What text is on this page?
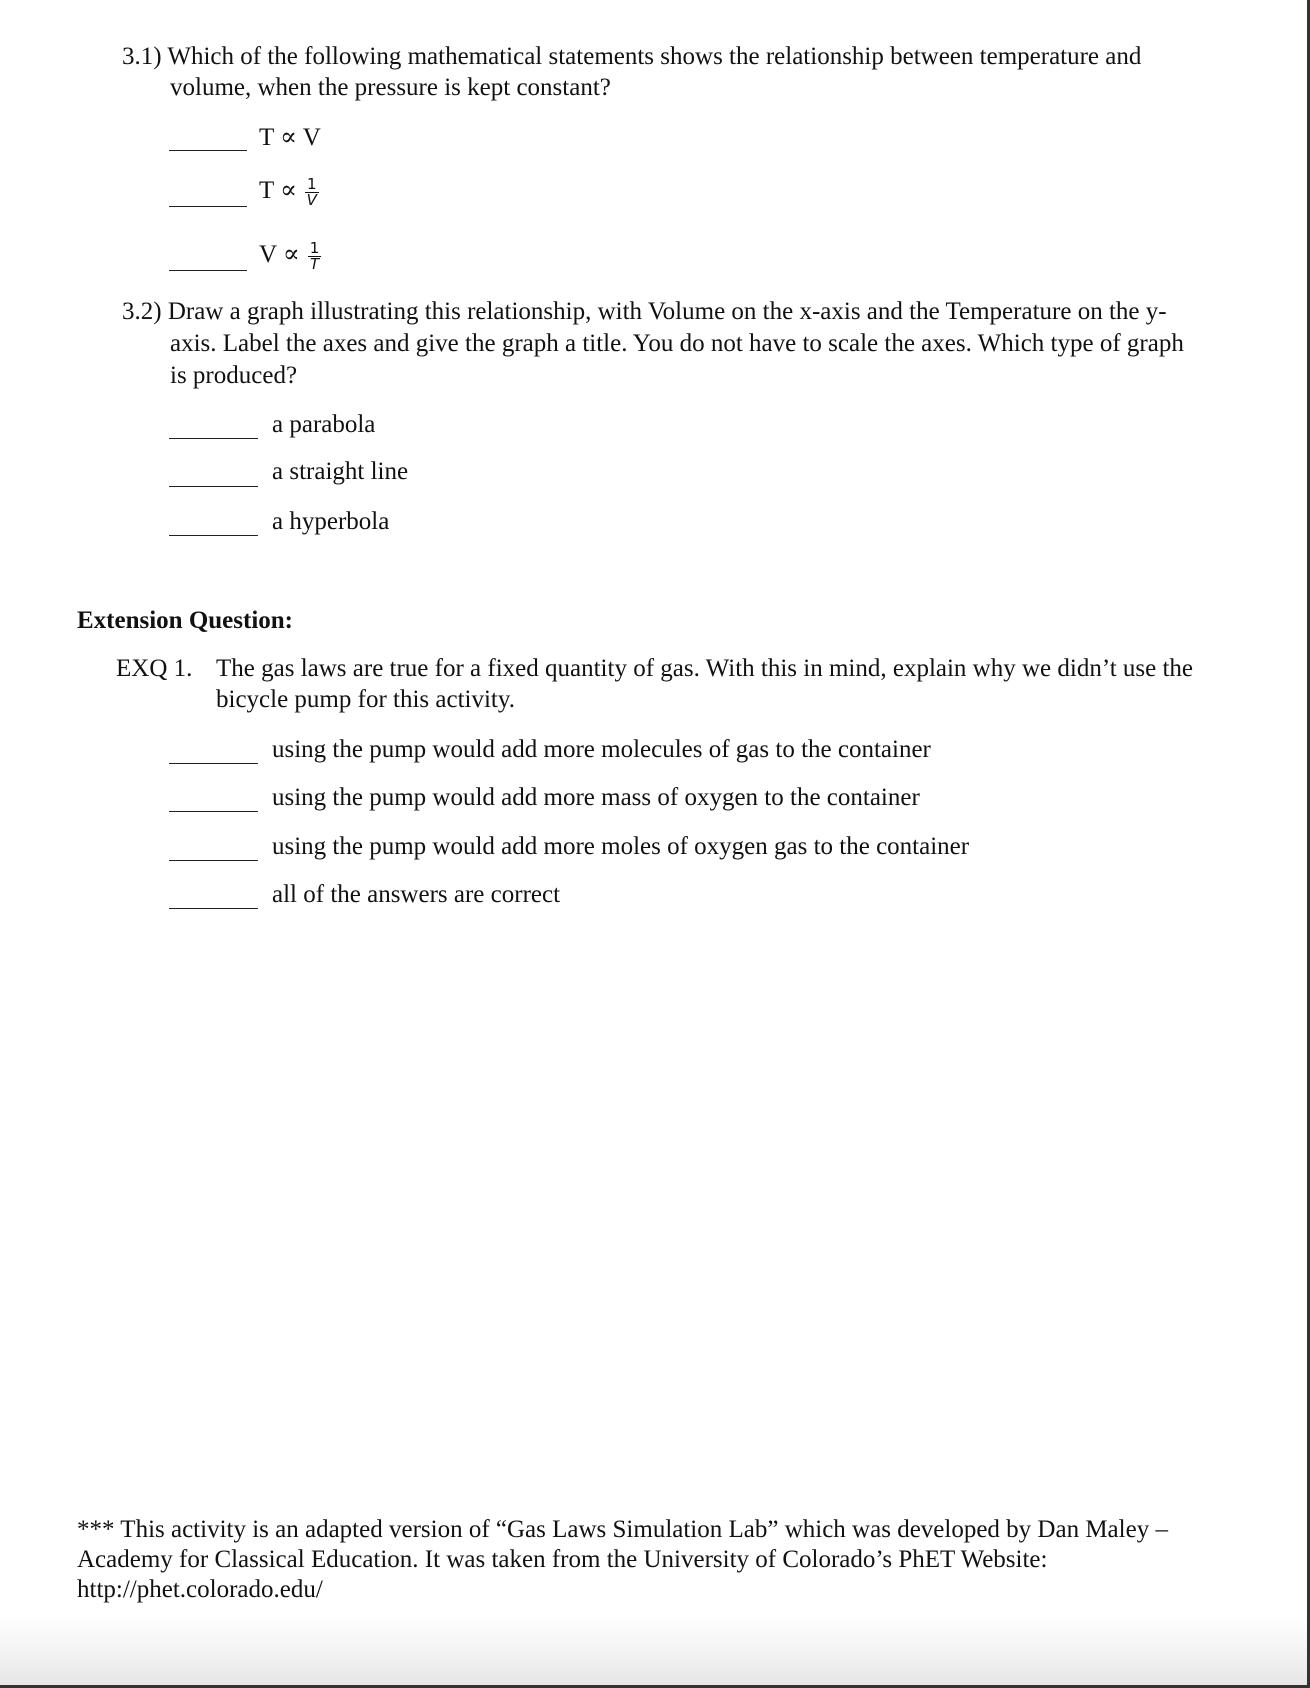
3.1) Which of the following mathematical statements shows the relationship between temperature and
volume, when the pressure is kept constant?
T ∝ V
$T \propto \frac{1}{V}$
$V \propto \frac{1}{T}$
3.2) Draw a graph illustrating this relationship, with Volume on the x-axis and the Temperature on the y-
axis. Label the axes and give the graph a title. You do not have to scale the axes. Which type of graph
is produced?
a parabola
a straight line
a hyperbola
Extension Question:
EXQ 1. The gas laws are true for a fixed quantity of gas. With this in mind, explain why we didn’t use the
bicycle pump for this activity.
using the pump would add more molecules of gas to the container
using the pump would add more mass of oxygen to the container
using the pump would add more moles of oxygen gas to the container
all of the answers are correct
*** This activity is an adapted version of “Gas Laws Simulation Lab” which was developed by Dan Maley –
Academy for Classical Education. It was taken from the University of Colorado’s PhET Website:
http://phet.colorado.edu/
